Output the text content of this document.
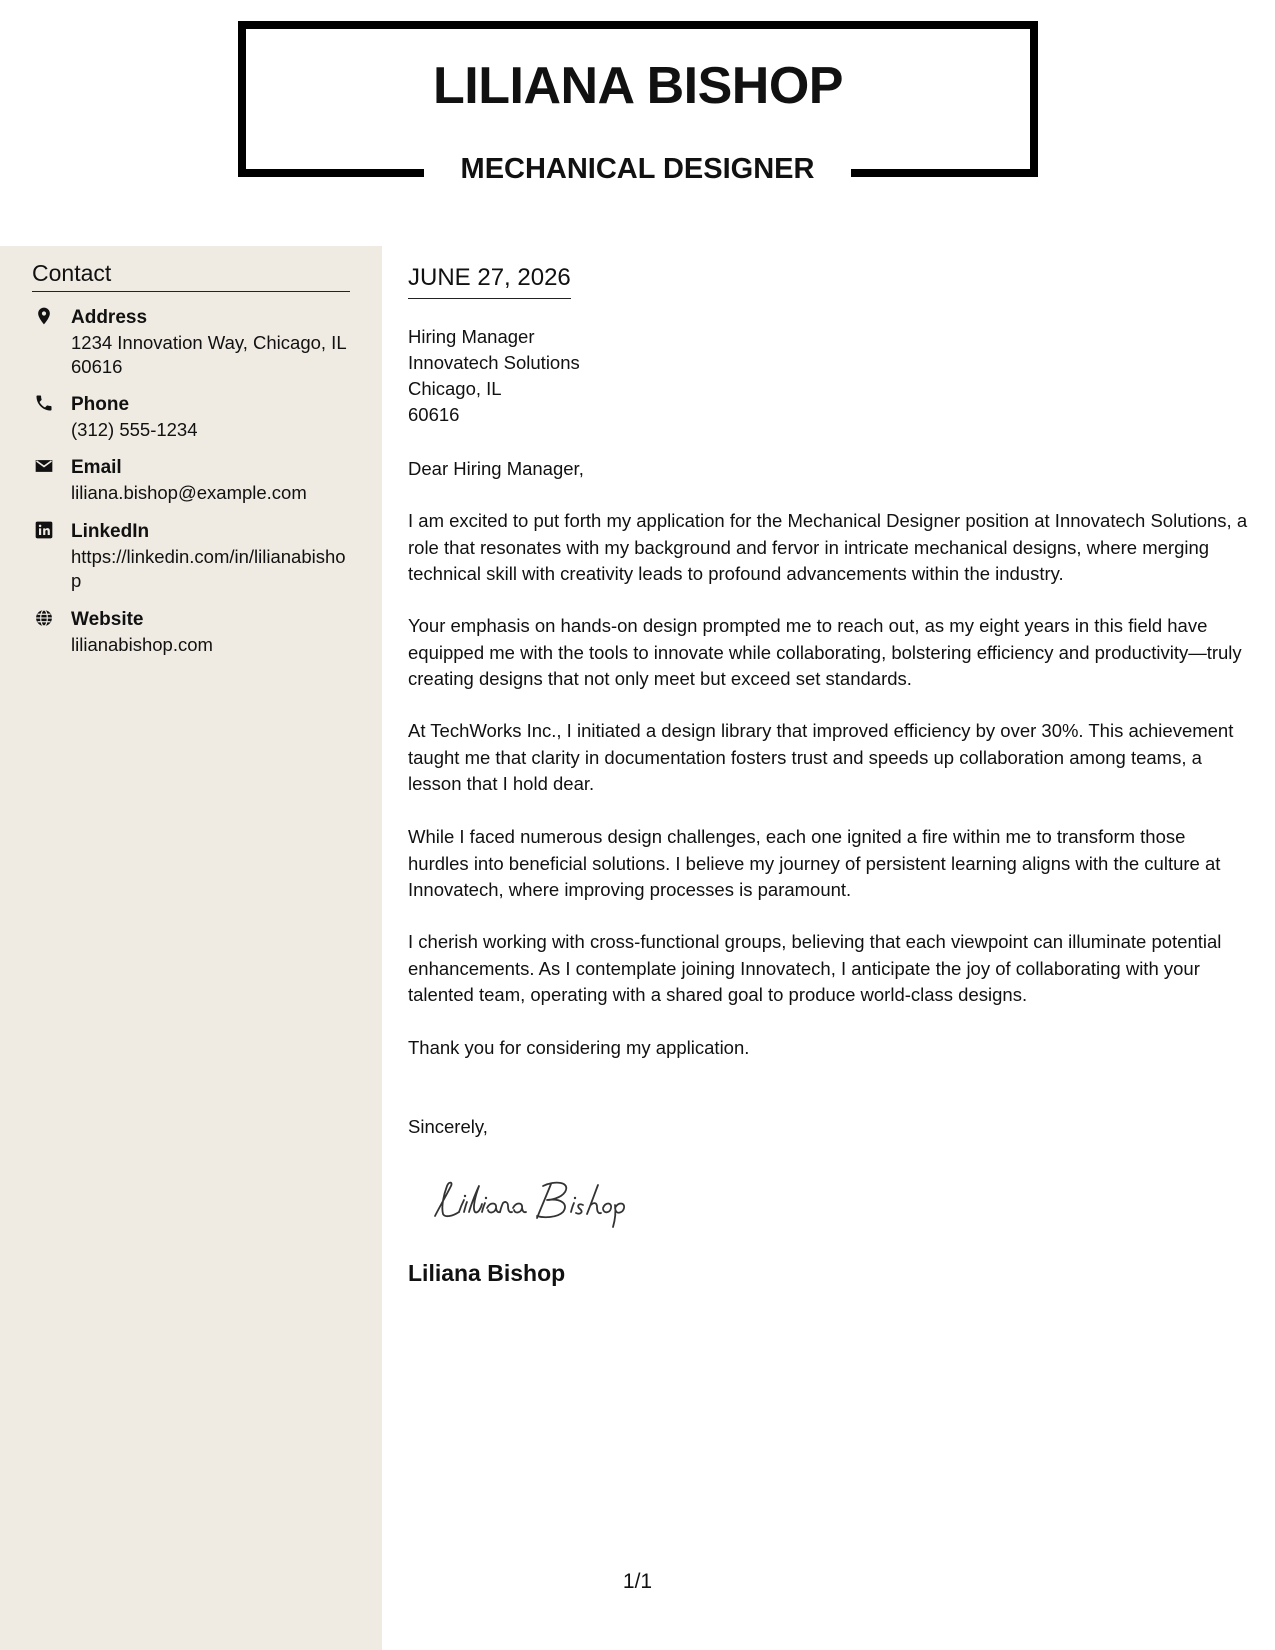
LILIANA BISHOP
MECHANICAL DESIGNER
Contact
Address
1234 Innovation Way, Chicago, IL 60616
Phone
(312) 555-1234
Email
liliana.bishop@example.com
LinkedIn
https://linkedin.com/in/lilianabishop
Website
lilianabishop.com
JUNE 27, 2026
Hiring Manager
Innovatech Solutions
Chicago, IL
60616
Dear Hiring Manager,
I am excited to put forth my application for the Mechanical Designer position at Innovatech Solutions, a role that resonates with my background and fervor in intricate mechanical designs, where merging technical skill with creativity leads to profound advancements within the industry.
Your emphasis on hands-on design prompted me to reach out, as my eight years in this field have equipped me with the tools to innovate while collaborating, bolstering efficiency and productivity—truly creating designs that not only meet but exceed set standards.
At TechWorks Inc., I initiated a design library that improved efficiency by over 30%. This achievement taught me that clarity in documentation fosters trust and speeds up collaboration among teams, a lesson that I hold dear.
While I faced numerous design challenges, each one ignited a fire within me to transform those hurdles into beneficial solutions. I believe my journey of persistent learning aligns with the culture at Innovatech, where improving processes is paramount.
I cherish working with cross-functional groups, believing that each viewpoint can illuminate potential enhancements. As I contemplate joining Innovatech, I anticipate the joy of collaborating with your talented team, operating with a shared goal to produce world-class designs.
Thank you for considering my application.
Sincerely,
Liliana Bishop
1/1
